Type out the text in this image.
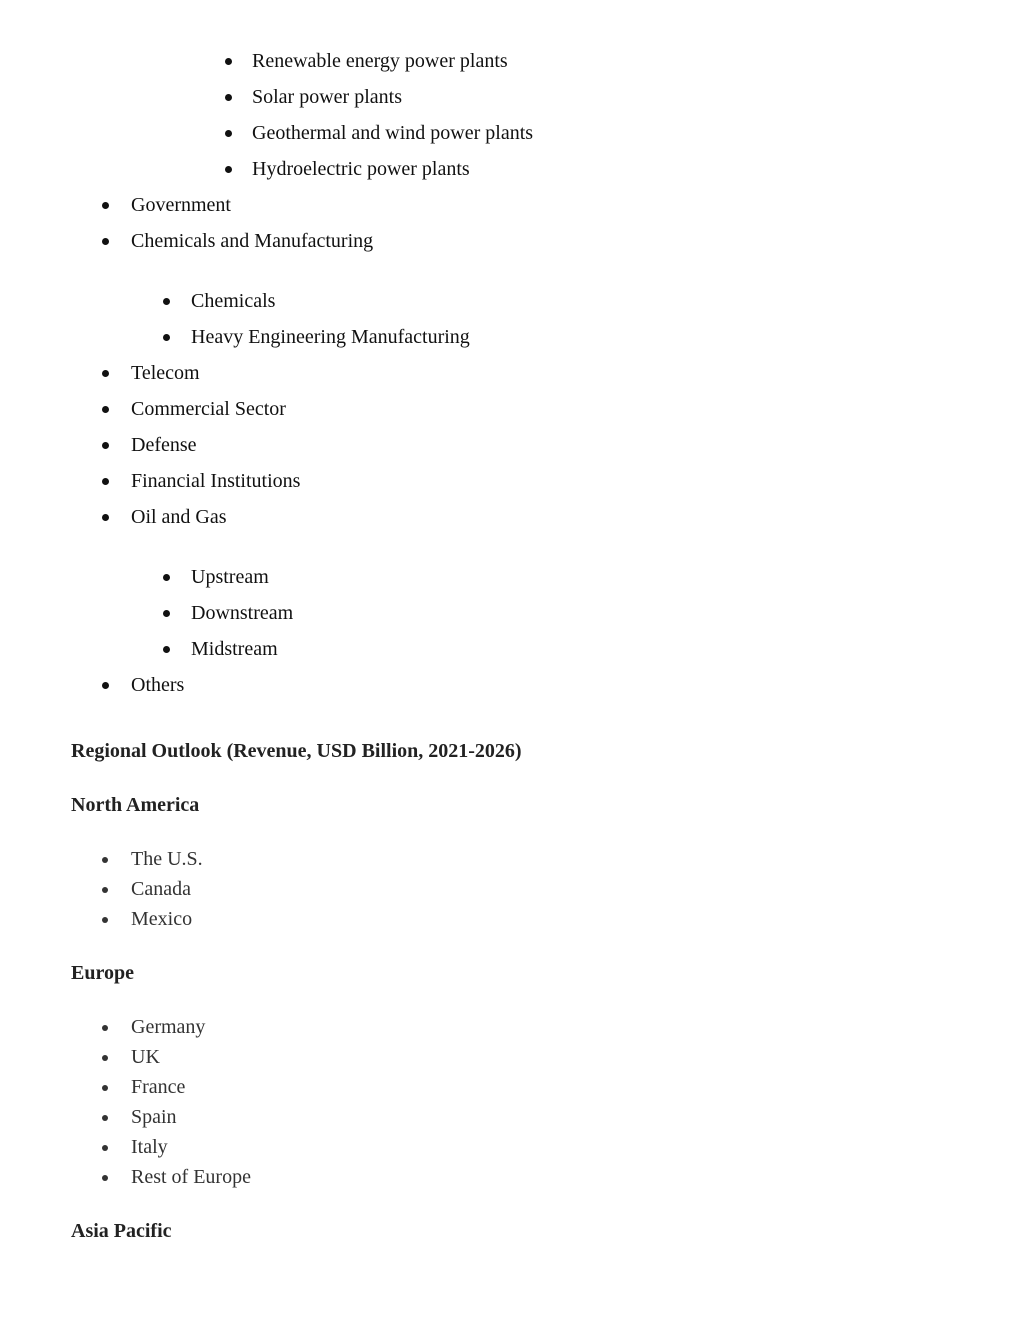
Renewable energy power plants
Solar power plants
Geothermal and wind power plants
Hydroelectric power plants
Government
Chemicals and Manufacturing
Chemicals
Heavy Engineering Manufacturing
Telecom
Commercial Sector
Defense
Financial Institutions
Oil and Gas
Upstream
Downstream
Midstream
Others
Regional Outlook (Revenue, USD Billion, 2021-2026)
North America
The U.S.
Canada
Mexico
Europe
Germany
UK
France
Spain
Italy
Rest of Europe
Asia Pacific
